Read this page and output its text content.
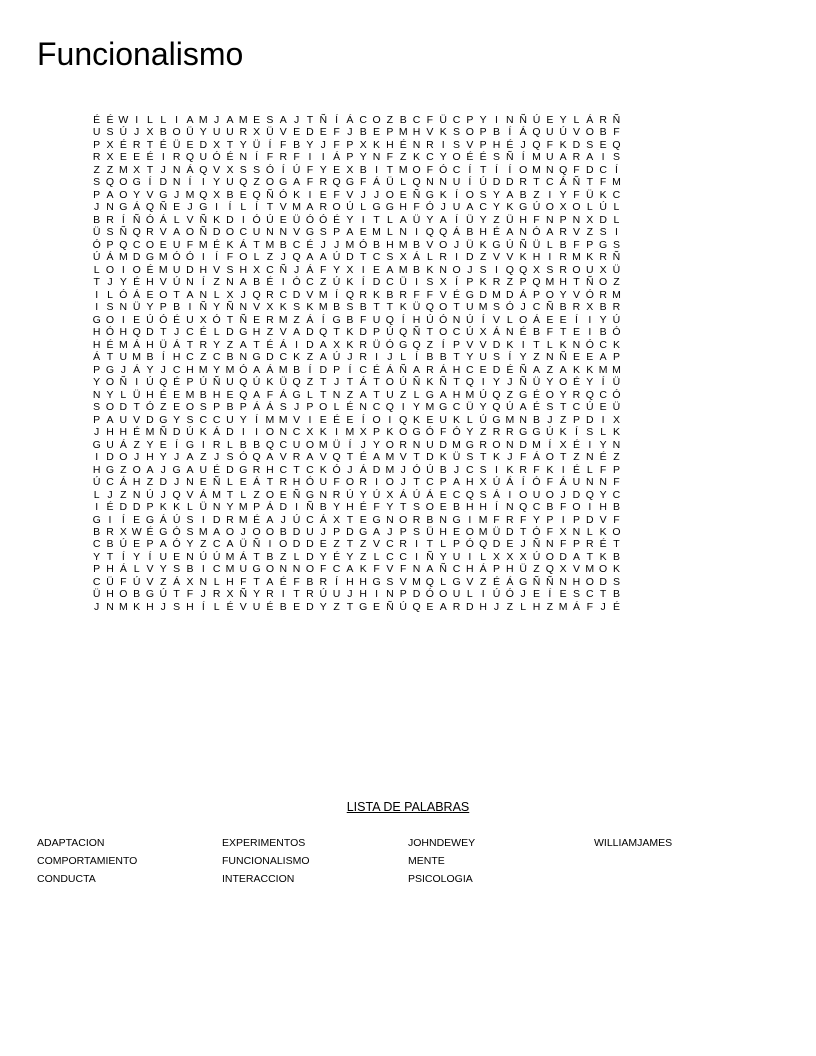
Funcionalismo
É É W I L L I A M J A M E S A J T Ñ Í Á C O Z B C F Ü C P Y I N Ñ Ú E Y L Á R Ñ
U S Ú J X B O Ü Y U U R X Ü V E D E F J B E P M H V K S O P B Í Á Q U Ú V O B F
P X É R T É Ü E D X T Y Ü Í F B Y J F P X K H É N R I S V P H É J Q F K D S E Q
R X E E É I R Q U Ó É N Í F R F I I Á P Y N F Z K C Y O É É S Ñ Í M U A R A I S
Z Z M X T J N Á Q V X S S Ó Í Ú F Y E X B I T M O F Ó C Í T Í Í O M N Q F D C Í
S Q O G Í D N Í I Y U Q Z O G A F R Q G F Á Ü L Q N N U Í Ú D D R T C Á Ñ T F M
P A O Y V G J M Q X B E Q Ñ Ó K I E F V J J O E Ñ G K Í O S Y A B Z I Y F Ü K C
J N G Á Q Ñ E J G I Í L Í T V M A R O Ú L G G H F Ó J U A C Y K G Ú O X O L Ú L
B R Í Ñ Ó Á L V Ñ K D I Ó Ú E Ü Ó Ó É Y I T L A Ü Y A Í Ü Y Z Ü H F N P N X D L
Ü S Ñ Q R V A O Ñ D O C U N N V G S P A E M L N I Q Q Á B H É A N Ó A R V Z S I
Ó P Q C O E U F M É K Á T M B C É J J M Ó B H M B V O J Ü K G Ú Ñ Ü L B F P G S
Ú Á M D G M Ó Ó I Í F O L Z J Q A A Ú D T C S X Á L R I D Z V V K H I R M K R Ñ
L O I O É M U D H V S H X C Ñ J Á F Y X I E A M B K N O J S I Q Q X S R O U X Ü
T J Y É H V Ú N Í Z N A B É I Ó C Z Ú K Í D C Ü I S X Í P K R Z P Q M H T Ñ O Z
I L Ó Á E O T A N L X J Q R C D V M Í Q R K B R F F V É G D M D Á P O Y V Ó R M
I S N Ü Y P B I Ñ Y Ñ N V X K S K M B S B T T K Ü Q O T U M S Ó J C Ñ B R X B R
G O I E Ú Ó É U X Ó T Ñ E R M Z Á Í G B F U Q Í H Ú Ó N Ú Í V L O Á E E Í I Y Ú
H Ó H Q D T J C É L D G H Z V A D Q T K D P Ú Q Ñ T O C Ú X Á N É B F T E I B Ó
H É M Á H Ü Á T R Y Z A T É Á I D A X K R Ü Ó G Q Z Í P V V D K I T L K N Ó C K
Á T U M B Í H C Z C B N G D C K Z A Ú J R I J L Í B B T Y U S Í Y Z N Ñ E E A P
P G J Á Y J C H M Y M Ó A Á M B Í D P Í C É Á Ñ A R Á H C E D É Ñ A Z A K K M M
Y O Ñ I Ú Q É P Ú Ñ U Q Ú K Ü Q Z T J T Á T O Ú Ñ K Ñ T Q I Y J Ñ Ü Y O É Y Í Ü
N Y L Ü H É E M B H E Q A F Á G L T N Z A T U Z L G A H M Ú Q Z G É O Y R Q C Ó
S O D T Ó Z E O S P B P Á Á S J P O L É N C Q I Y M G C Ü Y Q Ú A É S T C Ú E Ü
P A U V D G Y S C C U Y Í M M V I E É E Í O I Q K E U K L Ú G M N B J Z P D I X
J H H É M Ñ D Ú K Á D I I O N C X K I M X P K O G Ó F Ó Y Z R R G G Ú K Í S L K
G U Á Z Y E Í G I R L B B Q C U O M Ü Í J Y O R N U D M G R O N D M Í X É I Y N
I D O J H Y J A Z J S Ó Q A V R A V Q T É A M V T D K Ü S T K J F Á O T Z N É Z
H G Z O A J G A U É D G R H C T C K Ó J Á D M J Ó Ú B J C S I K R F K I É L F P
Ú C Á H Z D J N E Ñ L E Á T R H Ó U F O R I O J T C P A H X Ú Á Í Ó F Á U N N F
L J Z N Ú J Q V Á M T L Z O E Ñ G N R Ú Y Ú X Á Ú Á E C Q S Á I O U O J D Q Y C
I É D D P K K L Ü N Y M P Á D I Ñ B Y H É F Y T S O E B H H Í N Q C B F O I H B
G I Í E G Á Ú S I D R M É A J Ú C Á X T E G N O R B N G I M F R F Y P I P D V F
B R X W É G Ó S M A O J O O B D U J P D G A J P S Ü H E O M Ü D T Ó F X N L K O
C B Ú E P A Ó Y Z C A Ü Ñ I O D D E Z T Z V C R I T L P Ó Q D E J Ñ N F P R É T
Y T Í Y Í U E N Ú Ú M Á T B Z L D Y É Y Z L C C I Ñ Y U I L X X X Ú O D A T K B
P H Á L V Y S B I C M U G O N N O F C A K F V F N A Ñ C H Á P H Ü Z Q X V M O K
C Ü F Ú V Z Á X N L H F T A É F B R Í H H G S V M Q L G V Z É Á G Ñ Ñ N H O D S
Ü H O B G Ú T F J R X Ñ Y R I T R Ú U J H I N P D Ó O U L I Ú Ó J E Í E S C T B
J N M K H J S H Í L É V U É B E D Y Z T G E Ñ Ú Q E A R D H J Z L H Z M Á F J É
LISTA DE PALABRAS
ADAPTACION
COMPORTAMIENTO
CONDUCTA
EXPERIMENTOS
FUNCIONALISMO
INTERACCION
JOHNDEWEY
MENTE
PSICOLOGIA
WILLIAMJAMES
